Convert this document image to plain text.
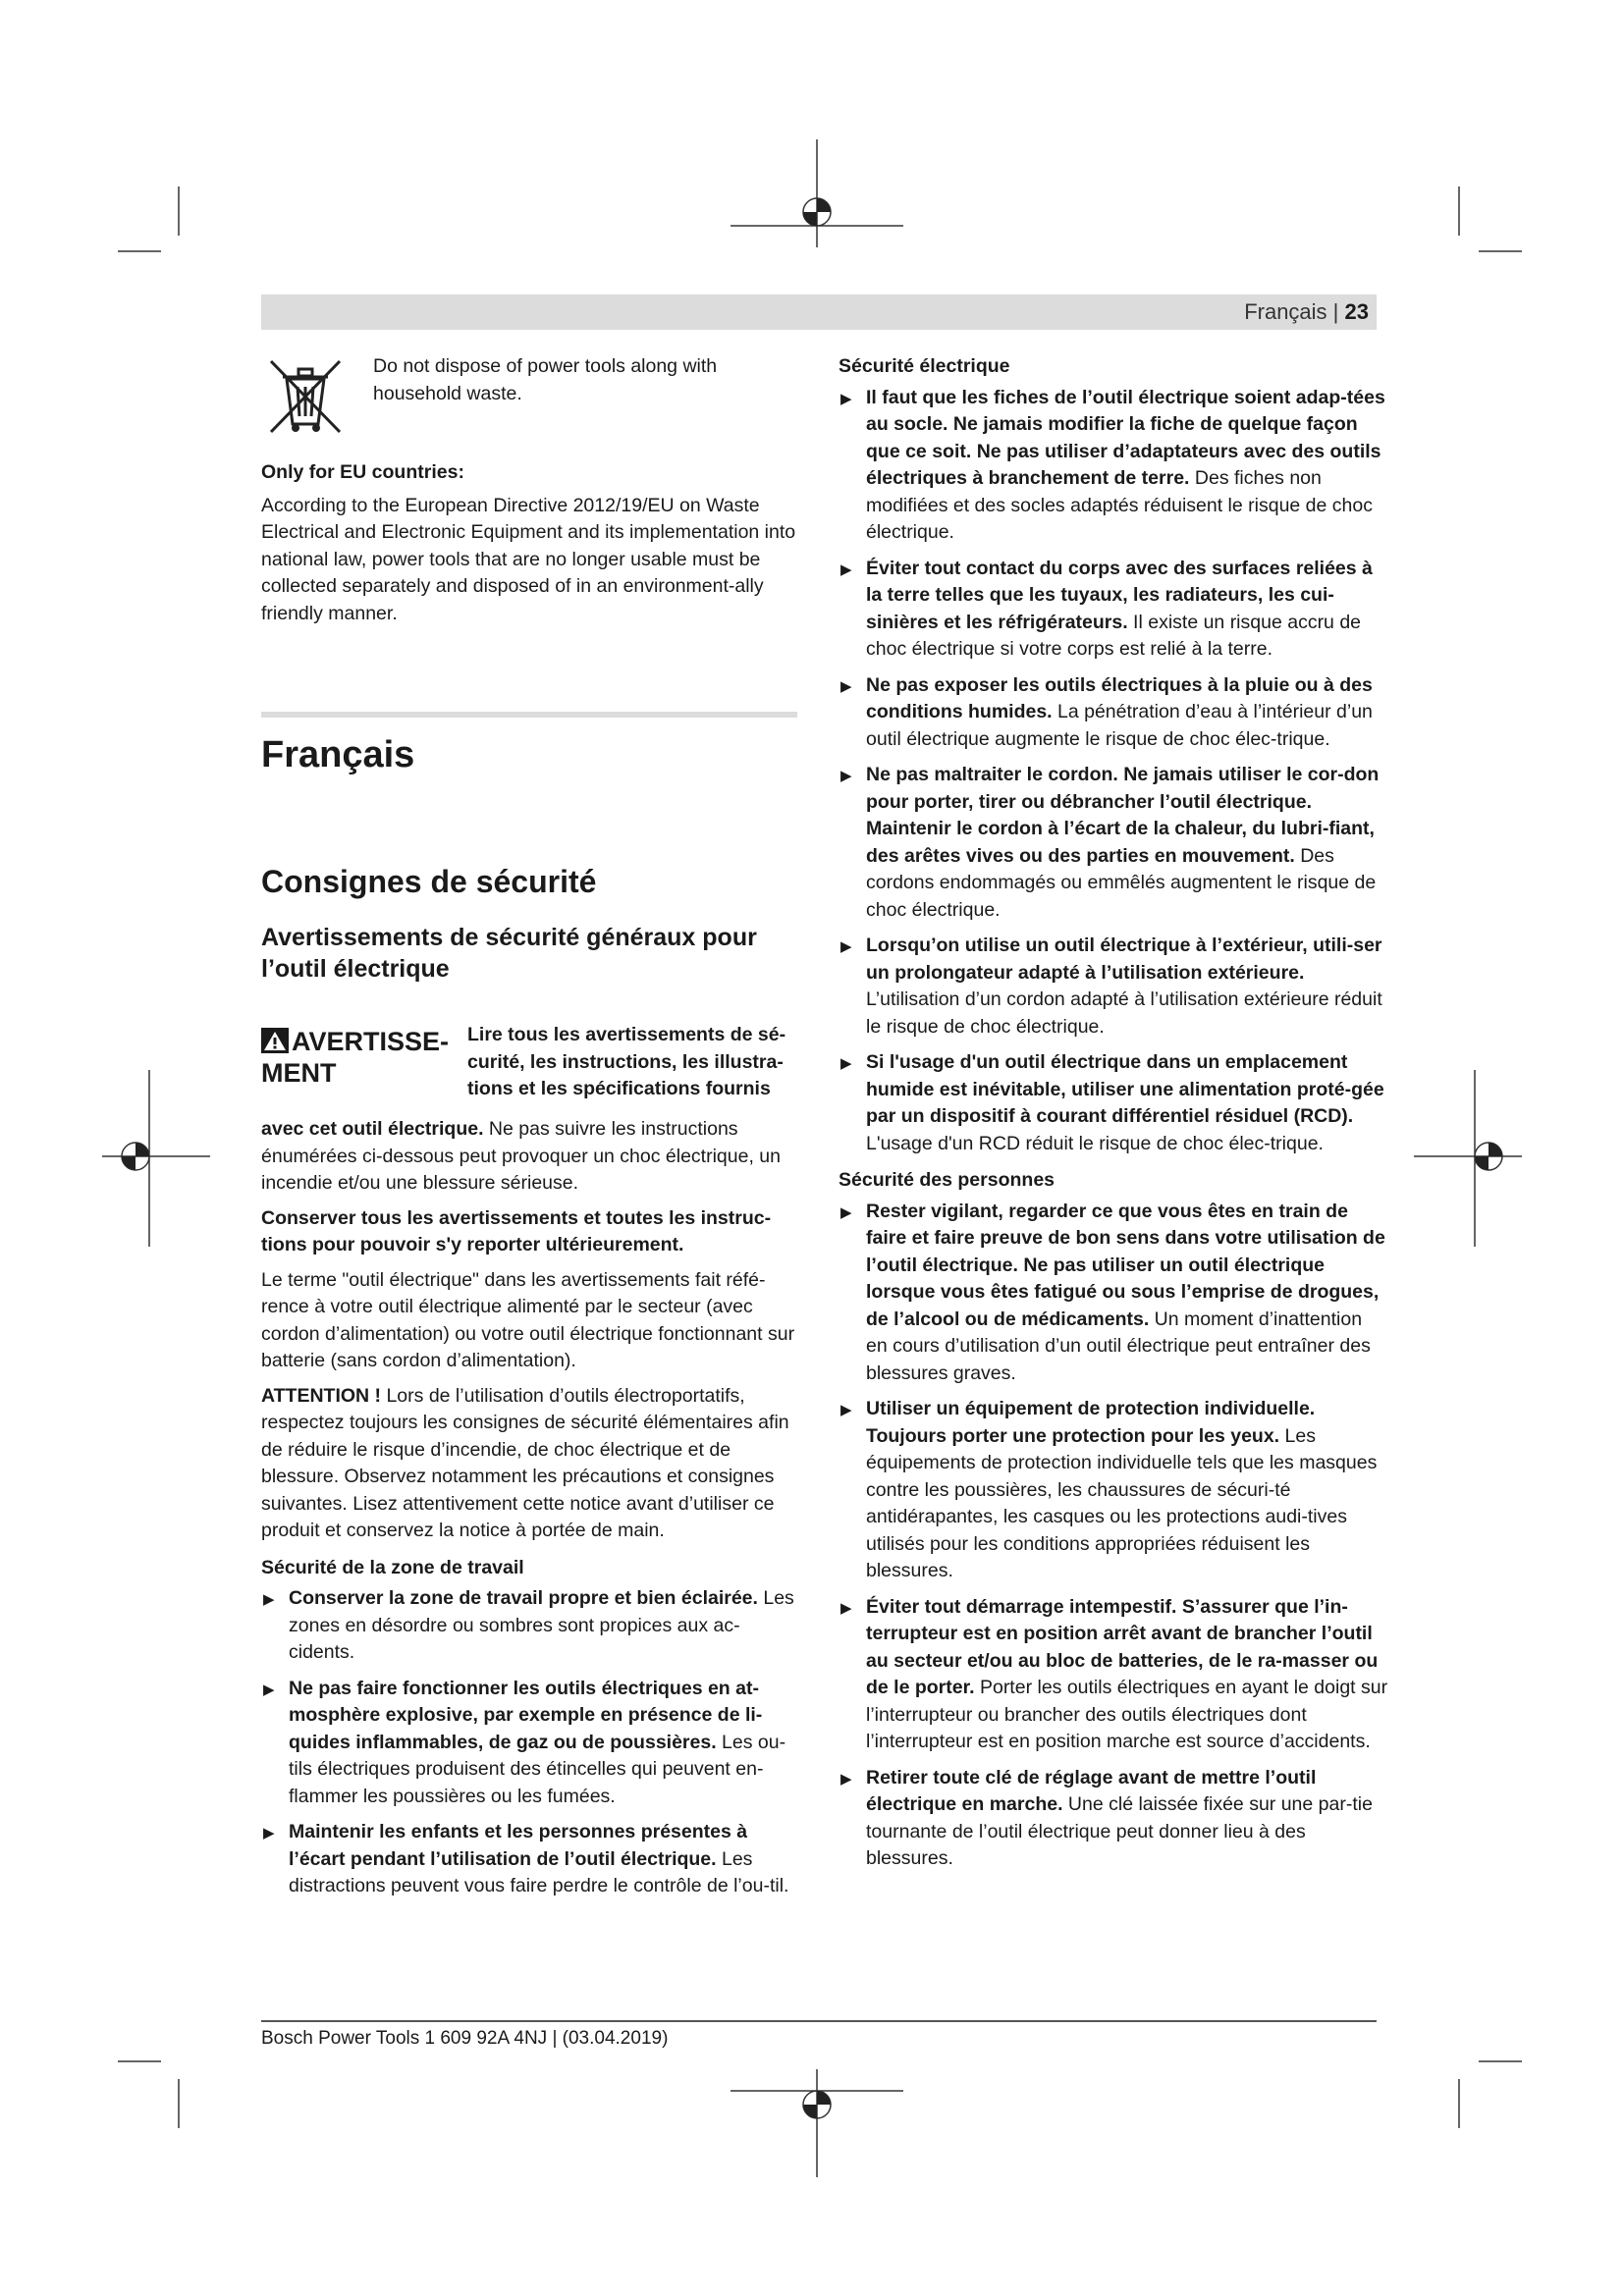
Français | 23

Do not dispose of power tools along with household waste.

Only for EU countries:

According to the European Directive 2012/19/EU on Waste Electrical and Electronic Equipment and its implementation into national law, power tools that are no longer usable must be collected separately and disposed of in an environment-ally friendly manner.

Français
Consignes de sécurité
Avertissements de sécurité généraux pour l’outil électrique
AVERTISSE-
MENT

Lire tous les avertissements de sé-curité, les instructions, les illustra-tions et les spécifications fournis

avec cet outil électrique. Ne pas suivre les instructions énumérées ci-dessous peut provoquer un choc électrique, un incendie et/ou une blessure sérieuse.

Conserver tous les avertissements et toutes les instruc-tions pour pouvoir s'y reporter ultérieurement.

Le terme "outil électrique" dans les avertissements fait réfé-rence à votre outil électrique alimenté par le secteur (avec cordon d’alimentation) ou votre outil électrique fonctionnant sur batterie (sans cordon d’alimentation).

ATTENTION ! Lors de l’utilisation d’outils électroportatifs, respectez toujours les consignes de sécurité élémentaires afin de réduire le risque d’incendie, de choc électrique et de blessure. Observez notamment les précautions et consignes suivantes. Lisez attentivement cette notice avant d’utiliser ce produit et conservez la notice à portée de main.

Sécurité de la zone de travail

▶ Conserver la zone de travail propre et bien éclairée. Les zones en désordre ou sombres sont propices aux ac-cidents.
▶ Ne pas faire fonctionner les outils électriques en at-mosphère explosive, par exemple en présence de li-quides inflammables, de gaz ou de poussières. Les ou-tils électriques produisent des étincelles qui peuvent en-flammer les poussières ou les fumées.
▶ Maintenir les enfants et les personnes présentes à l’écart pendant l’utilisation de l’outil électrique. Les distractions peuvent vous faire perdre le contrôle de l’ou-til.

Sécurité électrique

▶ Il faut que les fiches de l’outil électrique soient adap-tées au socle. Ne jamais modifier la fiche de quelque façon que ce soit. Ne pas utiliser d’adaptateurs avec des outils électriques à branchement de terre. Des fiches non modifiées et des socles adaptés réduisent le risque de choc électrique.
▶ Éviter tout contact du corps avec des surfaces reliées à la terre telles que les tuyaux, les radiateurs, les cui-sinières et les réfrigérateurs. Il existe un risque accru de choc électrique si votre corps est relié à la terre.
▶ Ne pas exposer les outils électriques à la pluie ou à des conditions humides. La pénétration d’eau à l’intérieur d’un outil électrique augmente le risque de choc élec-trique.
▶ Ne pas maltraiter le cordon. Ne jamais utiliser le cor-don pour porter, tirer ou débrancher l’outil électrique. Maintenir le cordon à l’écart de la chaleur, du lubri-fiant, des arêtes vives ou des parties en mouvement. Des cordons endommagés ou emmêlés augmentent le risque de choc électrique.
▶ Lorsqu’on utilise un outil électrique à l’extérieur, utili-ser un prolongateur adapté à l’utilisation extérieure. L’utilisation d’un cordon adapté à l’utilisation extérieure réduit le risque de choc électrique.
▶ Si l'usage d'un outil électrique dans un emplacement humide est inévitable, utiliser une alimentation proté-gée par un dispositif à courant différentiel résiduel (RCD). L'usage d'un RCD réduit le risque de choc élec-trique.

Sécurité des personnes

▶ Rester vigilant, regarder ce que vous êtes en train de faire et faire preuve de bon sens dans votre utilisation de l’outil électrique. Ne pas utiliser un outil électrique lorsque vous êtes fatigué ou sous l’emprise de drogues, de l’alcool ou de médicaments. Un moment d’inattention en cours d’utilisation d’un outil électrique peut entraîner des blessures graves.
▶ Utiliser un équipement de protection individuelle. Toujours porter une protection pour les yeux. Les équipements de protection individuelle tels que les masques contre les poussières, les chaussures de sécuri-té antidérapantes, les casques ou les protections audi-tives utilisés pour les conditions appropriées réduisent les blessures.
▶ Éviter tout démarrage intempestif. S’assurer que l’in-terrupteur est en position arrêt avant de brancher l’outil au secteur et/ou au bloc de batteries, de le ra-masser ou de le porter. Porter les outils électriques en ayant le doigt sur l’interrupteur ou brancher des outils électriques dont l’interrupteur est en position marche est source d’accidents.
▶ Retirer toute clé de réglage avant de mettre l’outil électrique en marche. Une clé laissée fixée sur une par-tie tournante de l’outil électrique peut donner lieu à des blessures.
Bosch Power Tools 1 609 92A 4NJ | (03.04.2019)
